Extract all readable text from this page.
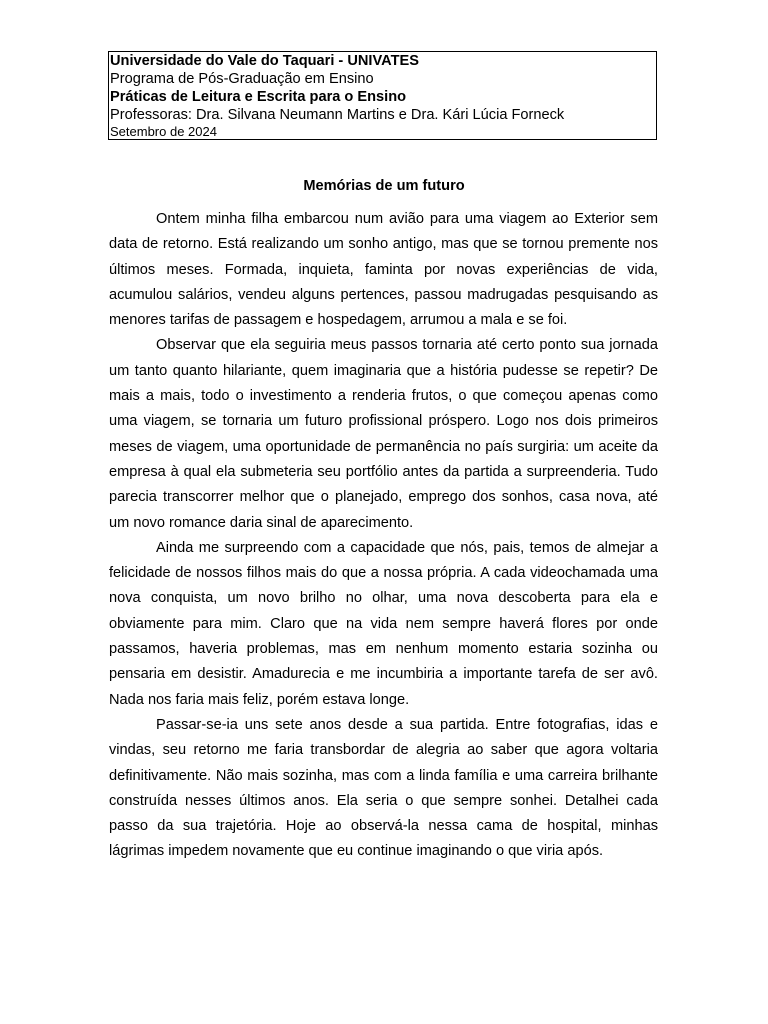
Universidade do Vale do Taquari - UNIVATES
Programa de Pós-Graduação em Ensino
Práticas de Leitura e Escrita para o Ensino
Professoras: Dra. Silvana Neumann Martins e Dra. Kári Lúcia Forneck
Setembro de 2024
Memórias de um futuro

Ontem minha filha embarcou num avião para uma viagem ao Exterior sem data de retorno. Está realizando um sonho antigo, mas que se tornou premente nos últimos meses. Formada, inquieta, faminta por novas experiências de vida, acumulou salários, vendeu alguns pertences, passou madrugadas pesquisando as menores tarifas de passagem e hospedagem, arrumou a mala e se foi.

Observar que ela seguiria meus passos tornaria até certo ponto sua jornada um tanto quanto hilariante, quem imaginaria que a história pudesse se repetir? De mais a mais, todo o investimento a renderia frutos, o que começou apenas como uma viagem, se tornaria um futuro profissional próspero. Logo nos dois primeiros meses de viagem, uma oportunidade de permanência no país surgiria: um aceite da empresa à qual ela submeteria seu portfólio antes da partida a surpreenderia. Tudo parecia transcorrer melhor que o planejado, emprego dos sonhos, casa nova, até um novo romance daria sinal de aparecimento.

Ainda me surpreendo com a capacidade que nós, pais, temos de almejar a felicidade de nossos filhos mais do que a nossa própria. A cada videochamada uma nova conquista, um novo brilho no olhar, uma nova descoberta para ela e obviamente para mim. Claro que na vida nem sempre haverá flores por onde passamos, haveria problemas, mas em nenhum momento estaria sozinha ou pensaria em desistir. Amadurecia e me incumbiria a importante tarefa de ser avô. Nada nos faria mais feliz, porém estava longe.

Passar-se-ia uns sete anos desde a sua partida. Entre fotografias, idas e vindas, seu retorno me faria transbordar de alegria ao saber que agora voltaria definitivamente. Não mais sozinha, mas com a linda família e uma carreira brilhante construída nesses últimos anos. Ela seria o que sempre sonhei. Detalhei cada passo da sua trajetória. Hoje ao observá-la nessa cama de hospital, minhas lágrimas impedem novamente que eu continue imaginando o que viria após.
